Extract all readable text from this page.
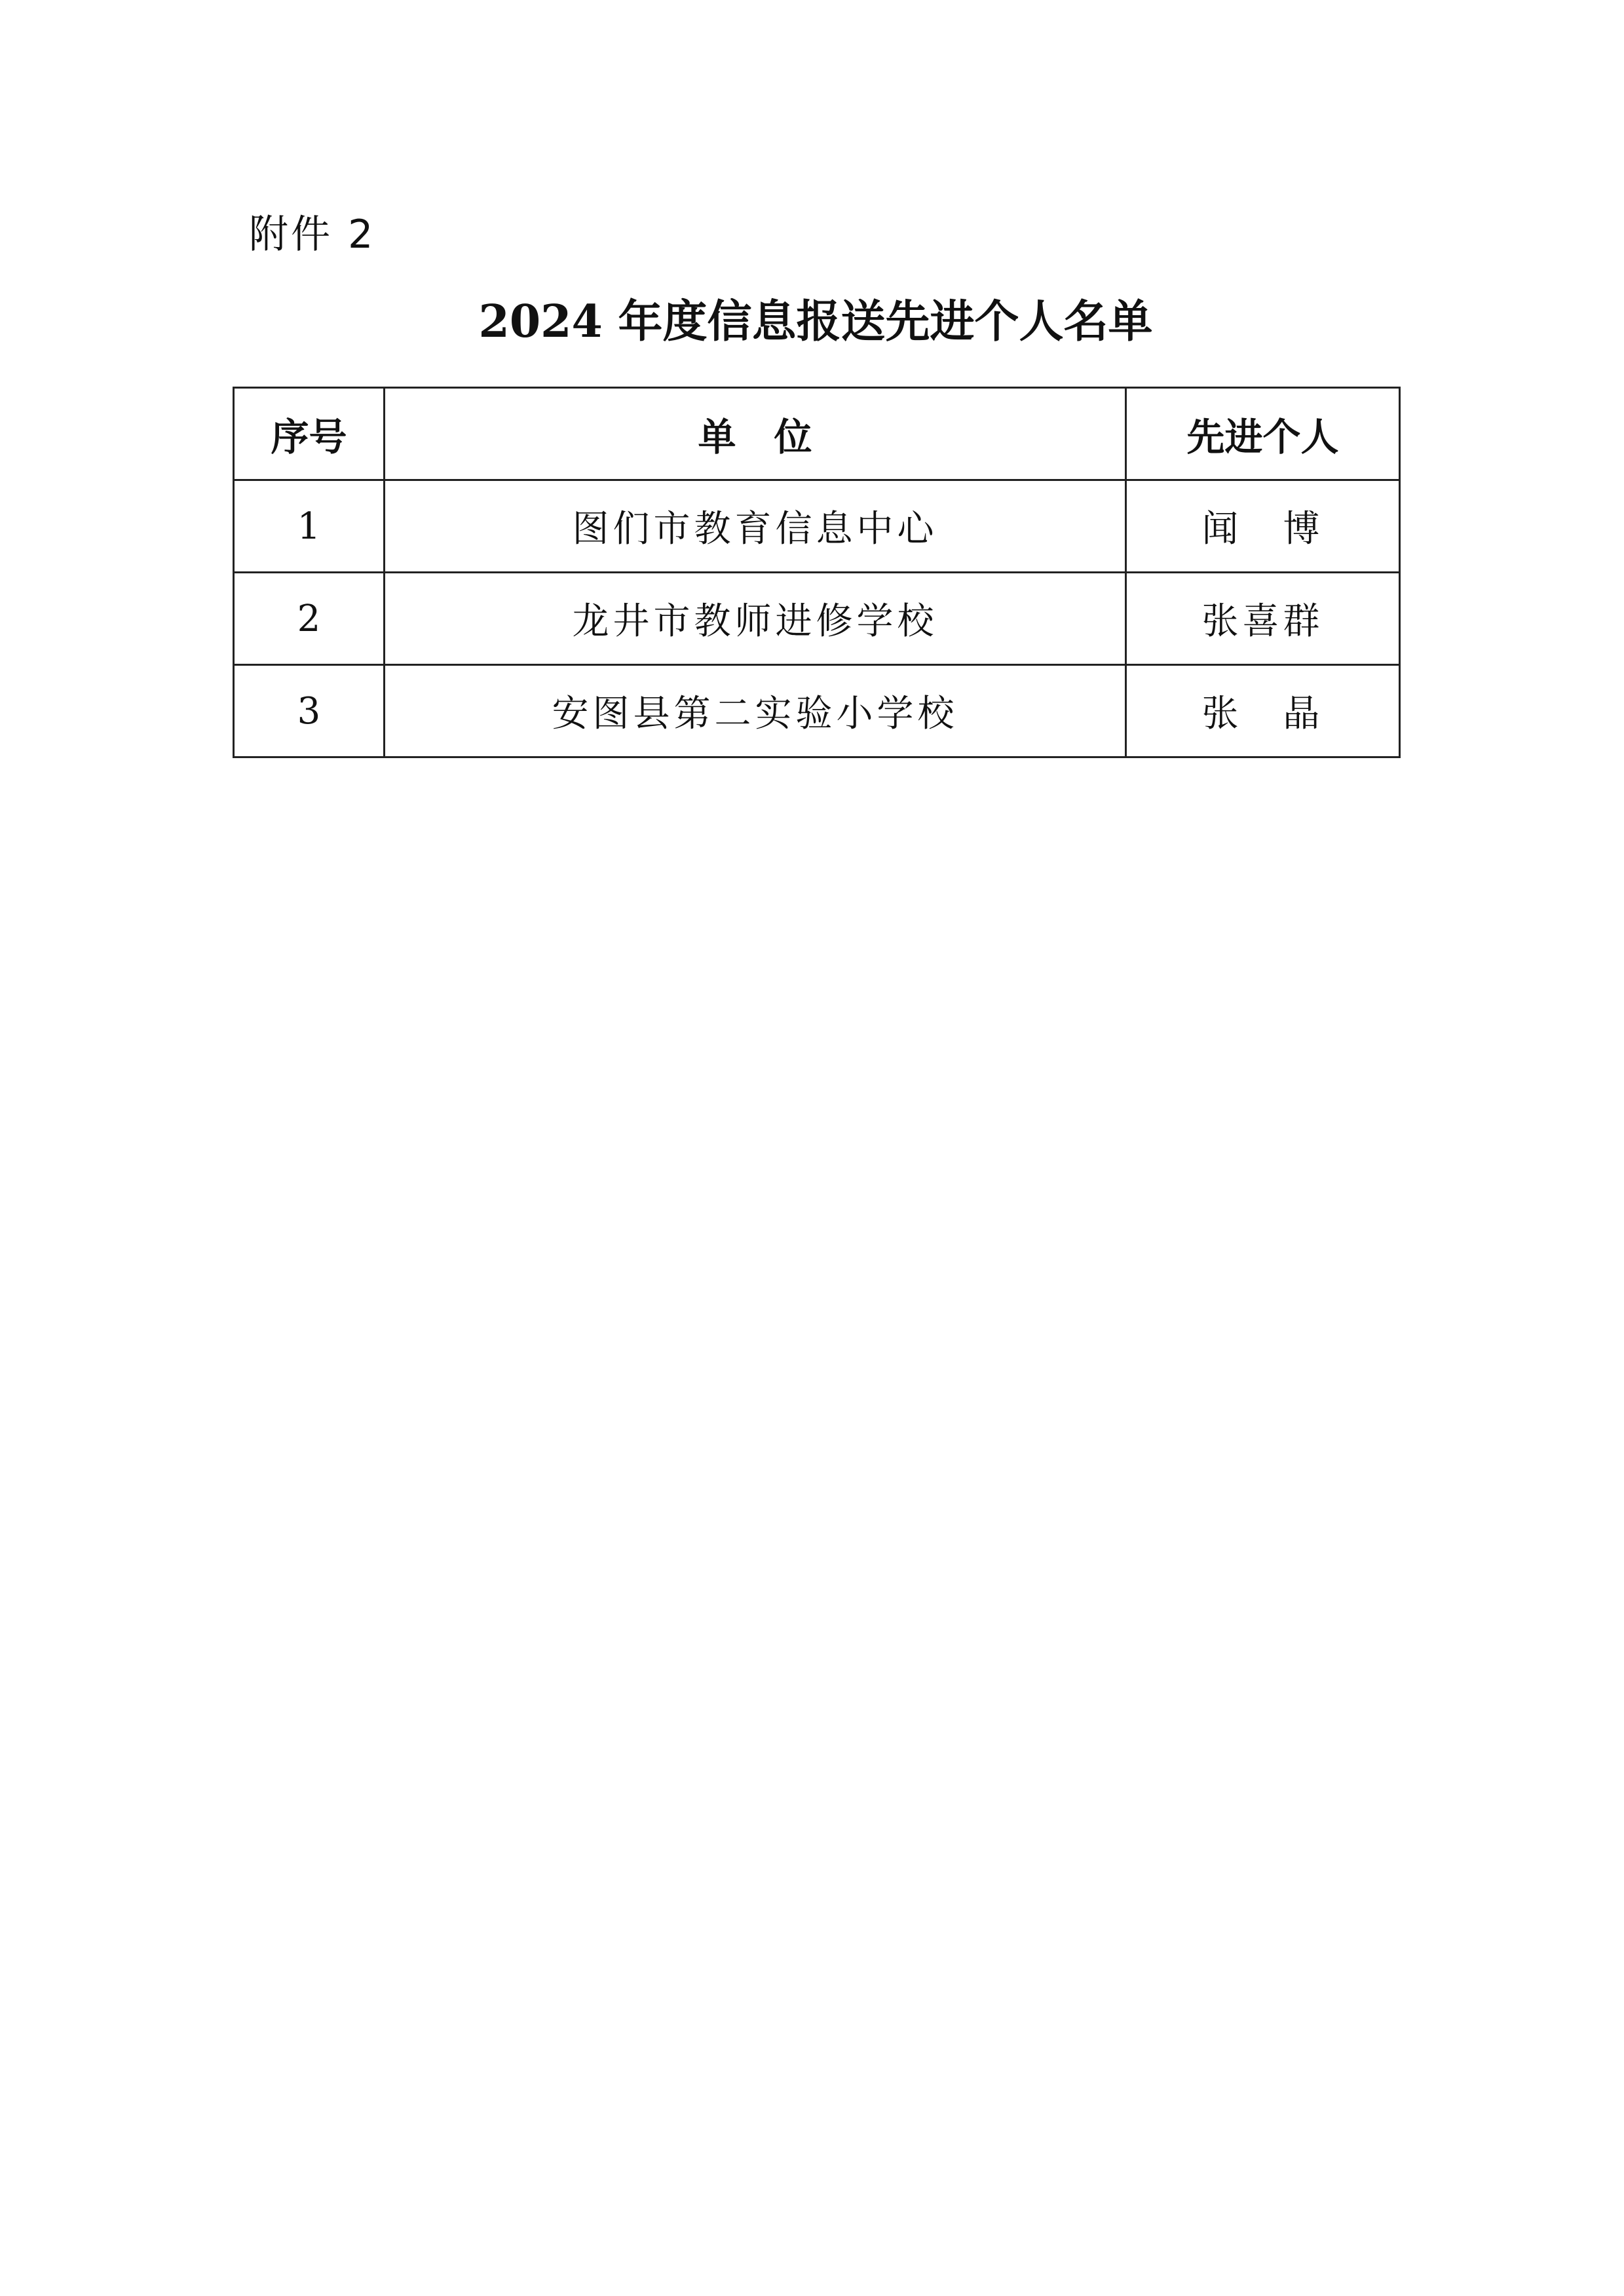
附件 2
2024 年度信息报送先进个人名单
序号	单　位	先进个人
1	图们市教育信息中心	闻　博
2	龙井市教师进修学校	张喜群
3	安图县第二实验小学校	张　晶
